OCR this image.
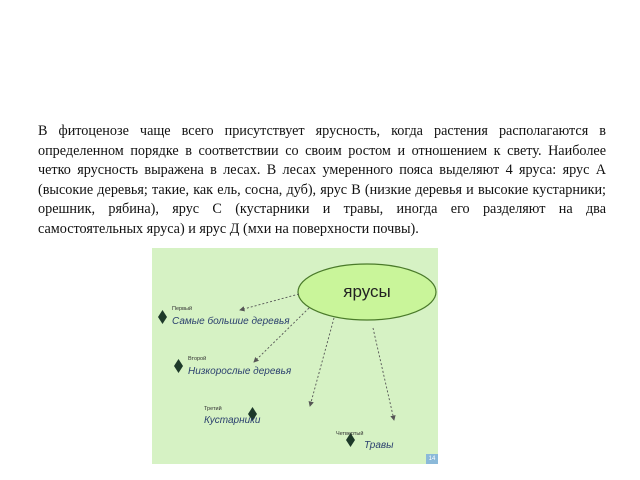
В фитоценозе чаще всего присутствует ярусность, когда растения располагаются в определенном порядке в соответствии со своим ростом и отношением к свету. Наиболее четко ярусность выражена в лесах. В лесах умеренного пояса выделяют 4 яруса: ярус А (высокие деревья; такие, как ель, сосна, дуб), ярус В (низкие деревья и высокие кустарники; орешник, рябина), ярус С (кустарники и травы, иногда его разделяют на два самостоятельных яруса) и ярус Д (мхи на поверхности почвы).

ярусы
Первый
Самые большие деревья
Второй
Низкорослые деревья
Третий
Кустарники
Четвертый
Травы
14
